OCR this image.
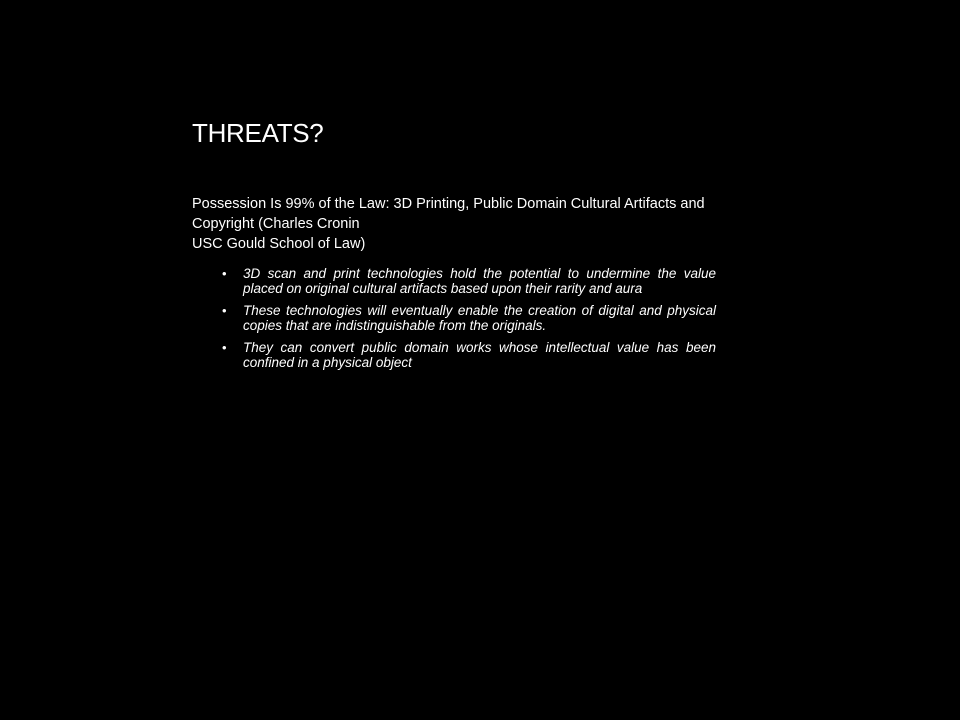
THREATS?

Possession Is 99% of the Law: 3D Printing, Public Domain Cultural Artifacts and
Copyright (Charles Cronin
USC Gould School of Law)

• 3D scan and print technologies hold the potential to undermine the value placed on original cultural artifacts based upon their rarity and aura
• These technologies will eventually enable the creation of digital and physical copies that are indistinguishable from the originals.
• They can convert public domain works whose intellectual value has been confined in a physical object
